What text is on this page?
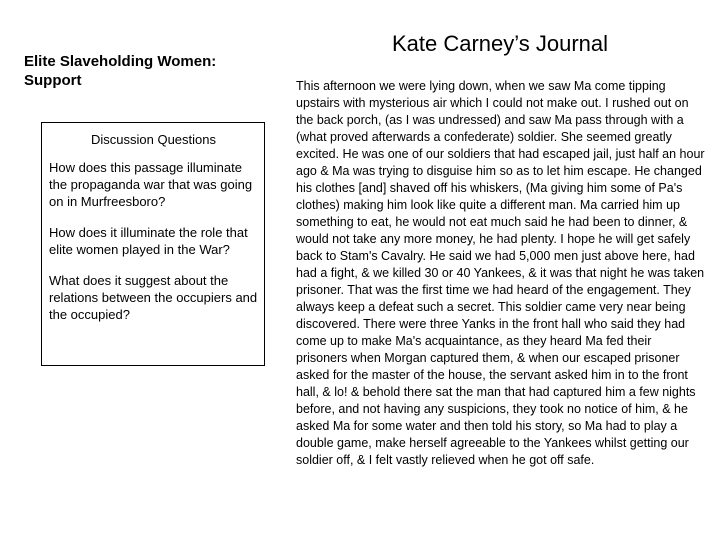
Elite Slaveholding Women: Support

Discussion Questions

How does this passage illuminate the propaganda war that was going on in Murfreesboro?

How does it illuminate the role that elite women played in the War?

What does it suggest about the relations between the occupiers and the occupied?

Kate Carney’s Journal

This afternoon we were lying down, when we saw Ma come tipping upstairs with mysterious air which I could not make out. I rushed out on the back porch, (as I was undressed) and saw Ma pass through with a (what proved afterwards a confederate) soldier. She seemed greatly excited. He was one of our soldiers that had escaped jail, just half an hour ago & Ma was trying to disguise him so as to let him escape. He changed his clothes [and] shaved off his whiskers, (Ma giving him some of Pa's clothes) making him look like quite a different man. Ma carried him up something to eat, he would not eat much said he had been to dinner, & would not take any more money, he had plenty. I hope he will get safely back to Stam's Cavalry. He said we had 5,000 men just above here, had had a fight, & we killed 30 or 40 Yankees, & it was that night he was taken prisoner. That was the first time we had heard of the engagement. They always keep a defeat such a secret. This soldier came very near being discovered. There were three Yanks in the front hall who said they had come up to make Ma's acquaintance, as they heard Ma fed their prisoners when Morgan captured them, & when our escaped prisoner asked for the master of the house, the servant asked him in to the front hall, & lo! & behold there sat the man that had captured him a few nights before, and not having any suspicions, they took no notice of him, & he asked Ma for some water and then told his story, so Ma had to play a double game, make herself agreeable to the Yankees whilst getting our soldier off, & I felt vastly relieved when he got off safe.
